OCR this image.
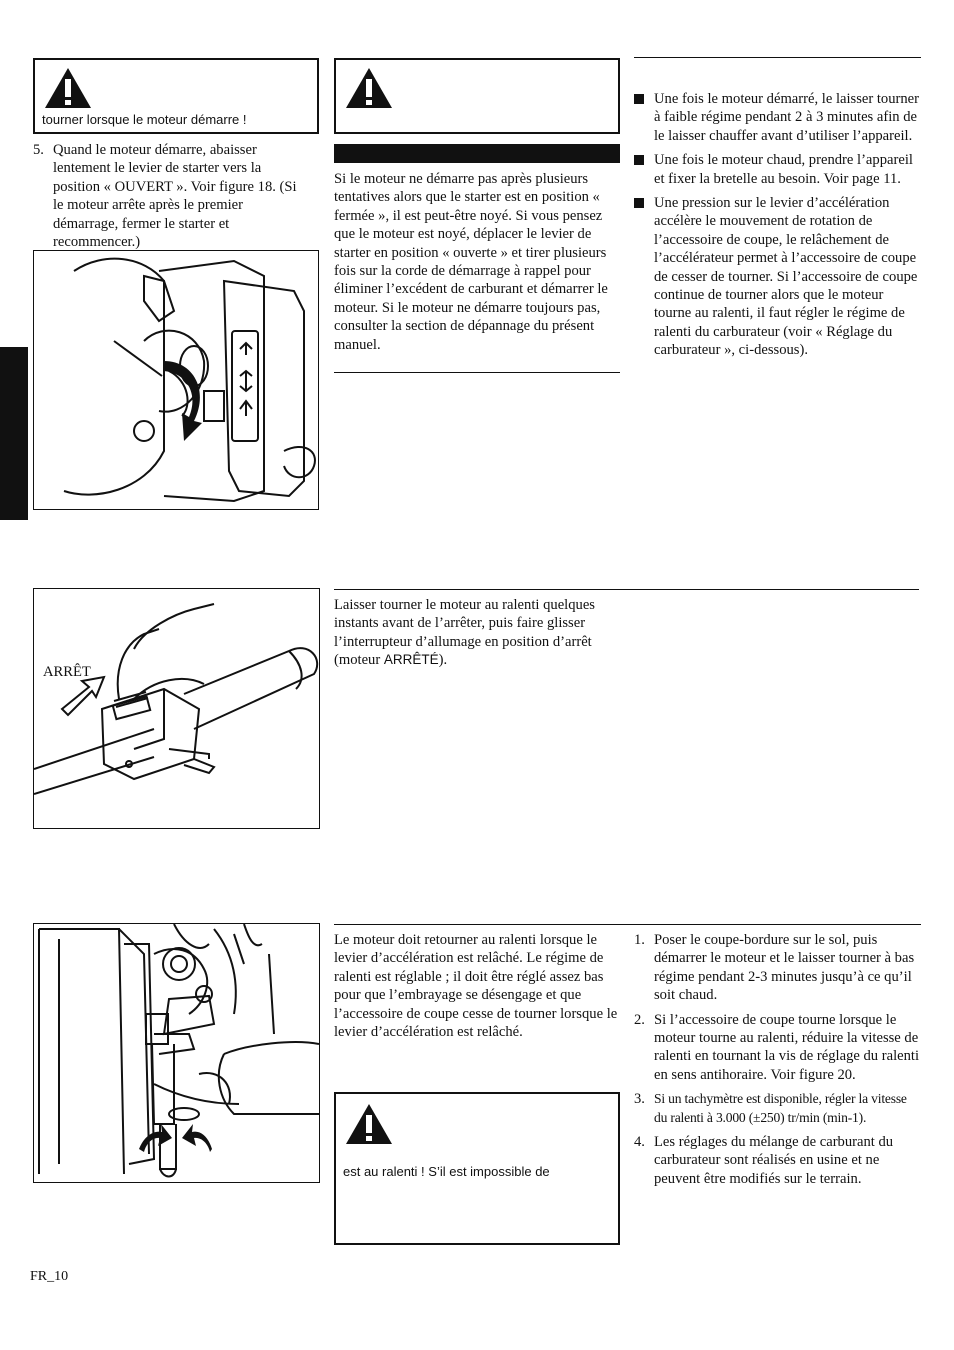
tourner lorsque le moteur démarre !
5. Quand le moteur démarre, abaisser lentement le levier de starter vers la position « OUVERT ». Voir figure 18. (Si le moteur arrête après le premier démarrage, fermer le starter et recommencer.)

Si le moteur ne démarre pas après plusieurs tentatives alors que le starter est en position « fermée », il est peut-être noyé. Si vous pensez que le moteur est noyé, déplacer le levier de starter en position « ouverte » et tirer plusieurs fois sur la corde de démarrage à rappel pour éliminer l’excédent de carburant et démarrer le moteur. Si le moteur ne démarre toujours pas, consulter la section de dépannage du présent manuel.

Une fois le moteur démarré, le laisser tourner à faible régime pendant 2 à 3 minutes afin de le laisser chauffer avant d’utiliser l’appareil.
Une fois le moteur chaud, prendre l’appareil et fixer la bretelle au besoin. Voir page 11.
Une pression sur le levier d’accélération accélère le mouvement de rotation de l’accessoire de coupe, le relâchement de l’accélérateur permet à l’accessoire de coupe de cesser de tourner. Si l’accessoire de coupe continue de tourner alors que le moteur tourne au ralenti, il faut régler le régime de ralenti du carburateur (voir « Réglage du carburateur », ci-dessous).
ARRÊT

Laisser tourner le moteur au ralenti quelques instants avant de l’arrêter, puis faire glisser l’interrupteur d’allumage en position d’arrêt (moteur ARRÊTÉ).

Le moteur doit retourner au ralenti lorsque le levier d’accélération est relâché. Le régime de ralenti est réglable ; il doit être réglé assez bas pour que l’embrayage se désengage et que l’accessoire de coupe cesse de tourner lorsque le levier d’accélération est relâché.

est au ralenti ! S’il est impossible de
1. Poser le coupe-bordure sur le sol, puis démarrer le moteur et le laisser tourner à bas régime pendant 2-3 minutes jusqu’à ce qu’il soit chaud.
2. Si l’accessoire de coupe tourne lorsque le moteur tourne au ralenti, réduire la vitesse de ralenti en tournant la vis de réglage du ralenti en sens antihoraire. Voir figure 20.
3. Si un tachymètre est disponible, régler la vitesse du ralenti à 3.000 (±250) tr/min (min-1).
4. Les réglages du mélange de carburant du carburateur sont réalisés en usine et ne peuvent être modifiés sur le terrain.
FR_10
